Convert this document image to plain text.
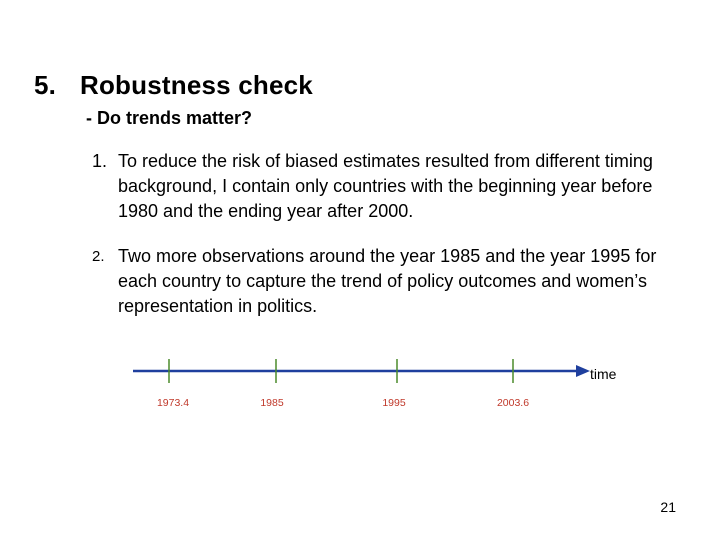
5. Robustness check
- Do trends matter?
1. To reduce the risk of biased estimates resulted from different timing background, I contain only countries with the beginning year before 1980 and the ending year after 2000.
2. Two more observations around the year 1985 and the year 1995 for each country to capture the trend of policy outcomes and women’s representation in politics.
1973.4	1985	1995	2003.6
time
21
